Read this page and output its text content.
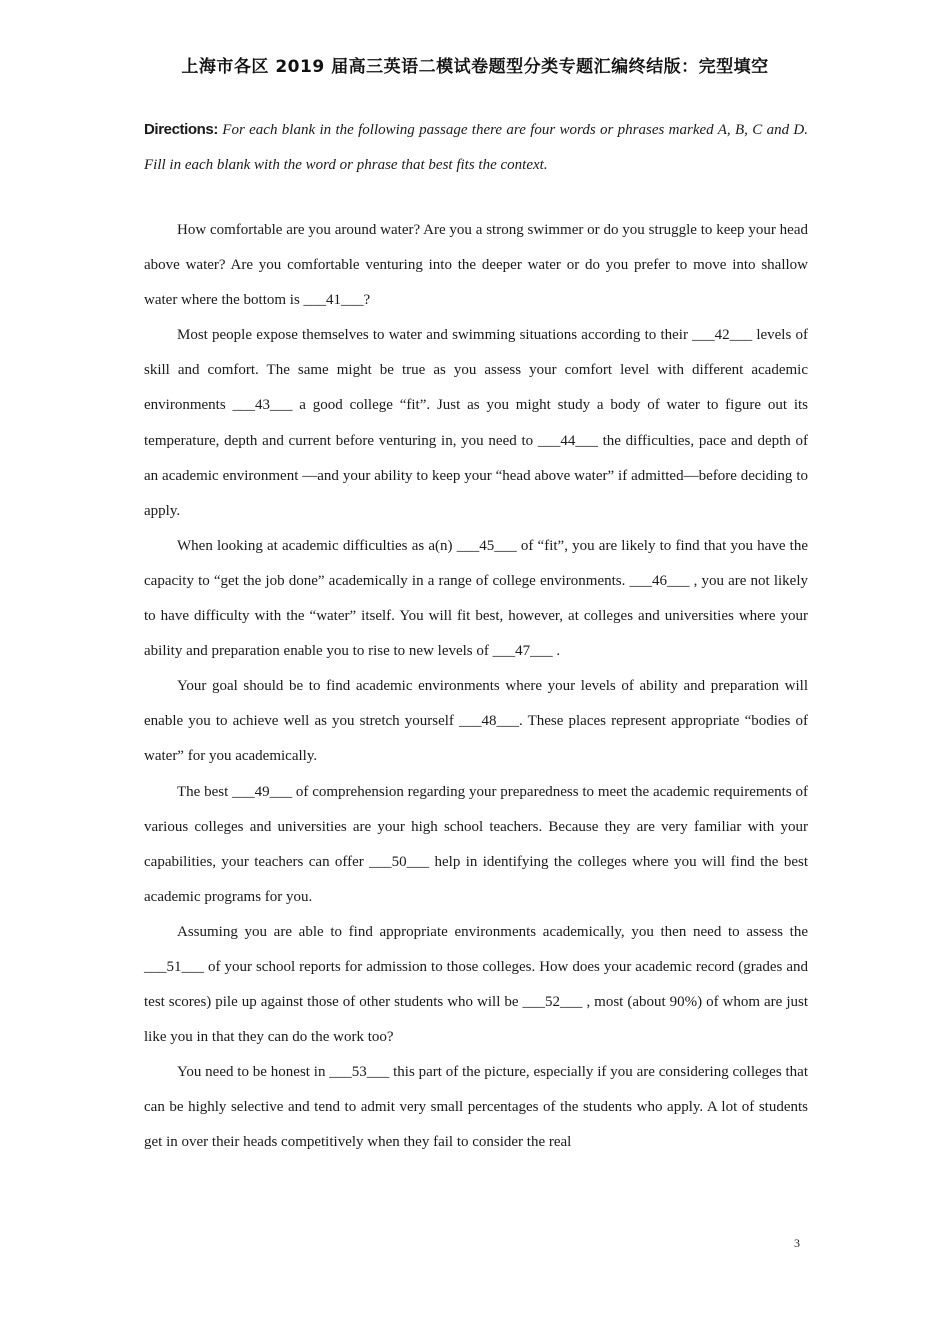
上海市各区 2019 届高三英语二模试卷题型分类专题汇编终结版：完型填空
Directions: For each blank in the following passage there are four words or phrases marked A, B, C and D. Fill in each blank with the word or phrase that best fits the context.

How comfortable are you around water? Are you a strong swimmer or do you struggle to keep your head above water? Are you comfortable venturing into the deeper water or do you prefer to move into shallow water where the bottom is ___41___?

Most people expose themselves to water and swimming situations according to their ___42___ levels of skill and comfort. The same might be true as you assess your comfort level with different academic environments ___43___ a good college “fit”. Just as you might study a body of water to figure out its temperature, depth and current before venturing in, you need to ___44___ the difficulties, pace and depth of an academic environment —and your ability to keep your “head above water” if admitted—before deciding to apply.

When looking at academic difficulties as a(n) ___45___ of “fit”, you are likely to find that you have the capacity to “get the job done” academically in a range of college environments. ___46___ , you are not likely to have difficulty with the “water” itself. You will fit best, however, at colleges and universities where your ability and preparation enable you to rise to new levels of ___47___ .

Your goal should be to find academic environments where your levels of ability and preparation will enable you to achieve well as you stretch yourself ___48___. These places represent appropriate “bodies of water” for you academically.

The best ___49___ of comprehension regarding your preparedness to meet the academic requirements of various colleges and universities are your high school teachers. Because they are very familiar with your capabilities, your teachers can offer ___50___ help in identifying the colleges where you will find the best academic programs for you.

Assuming you are able to find appropriate environments academically, you then need to assess the ___51___ of your school reports for admission to those colleges. How does your academic record (grades and test scores) pile up against those of other students who will be ___52___ , most (about 90%) of whom are just like you in that they can do the work too?

You need to be honest in ___53___ this part of the picture, especially if you are considering colleges that can be highly selective and tend to admit very small percentages of the students who apply. A lot of students get in over their heads competitively when they fail to consider the real

3
